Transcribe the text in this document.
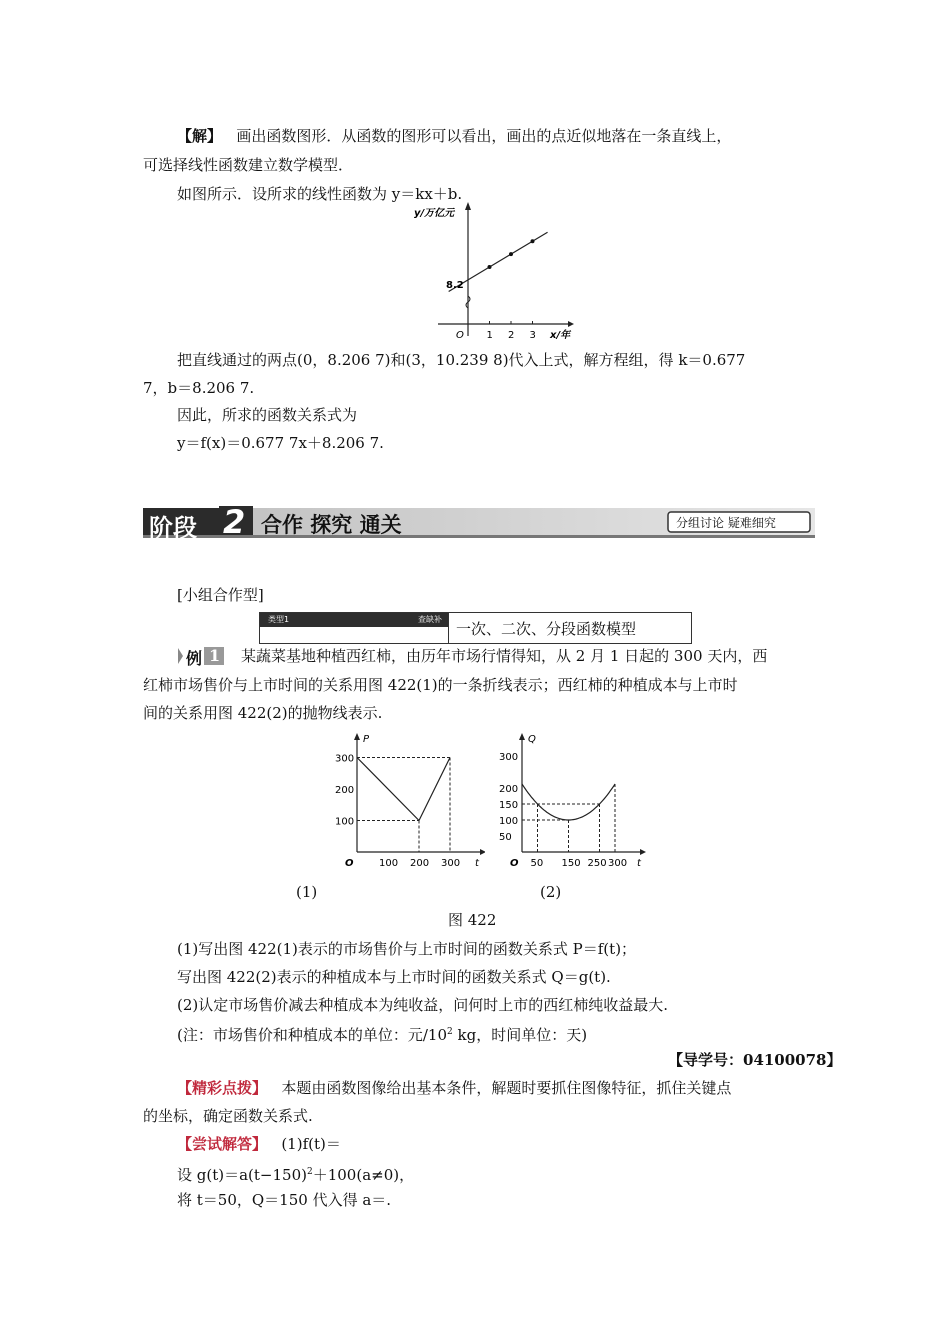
【解】 画出函数图形．从函数的图形可以看出，画出的点近似地落在一条直线上，
可选择线性函数建立数学模型．
如图所示．设所求的线性函数为 y＝kx＋b.
1 2 3
y/万亿元
x/年
O
8.2
把直线通过的两点(0，8.206 7)和(3，10.239 8)代入上式，解方程组，得 k＝0.677
7，b＝8.206 7.
因此，所求的函数关系式为
y＝f(x)＝0.677 7x＋8.206 7.
阶段 2 合作 探究 通关	分组讨论 疑难细究
[小组合作型]
类型1	查缺补
一次、二次、分段函数模型
例 1 某蔬菜基地种植西红柿，由历年市场行情得知，从 2 月 1 日起的 300 天内，西
红柿市场售价与上市时间的关系用图 422(1)的一条折线表示；西红柿的种植成本与上市时
间的关系用图 422(2)的抛物线表示.
300
200
100
100 200 300
P
t
O
300
200
150
100
50
50 150 250 300
Q
t
O
(1)	(2)
图 422
(1)写出图 422(1)表示的市场售价与上市时间的函数关系式 P＝f(t)；
写出图 422(2)表示的种植成本与上市时间的函数关系式 Q＝g(t).
(2)认定市场售价减去种植成本为纯收益，问何时上市的西红柿纯收益最大.
(注：市场售价和种植成本的单位：元$/10^2$ kg，时间单位：天)
【导学号：04100078】
【精彩点拨】 本题由函数图像给出基本条件，解题时要抓住图像特征，抓住关键点
的坐标，确定函数关系式.
【尝试解答】 (1)f(t)＝
设 $g(t)=a(t-150)^2+100(a\ne 0)$，
将 t＝50，Q＝150 代入得 a＝.
